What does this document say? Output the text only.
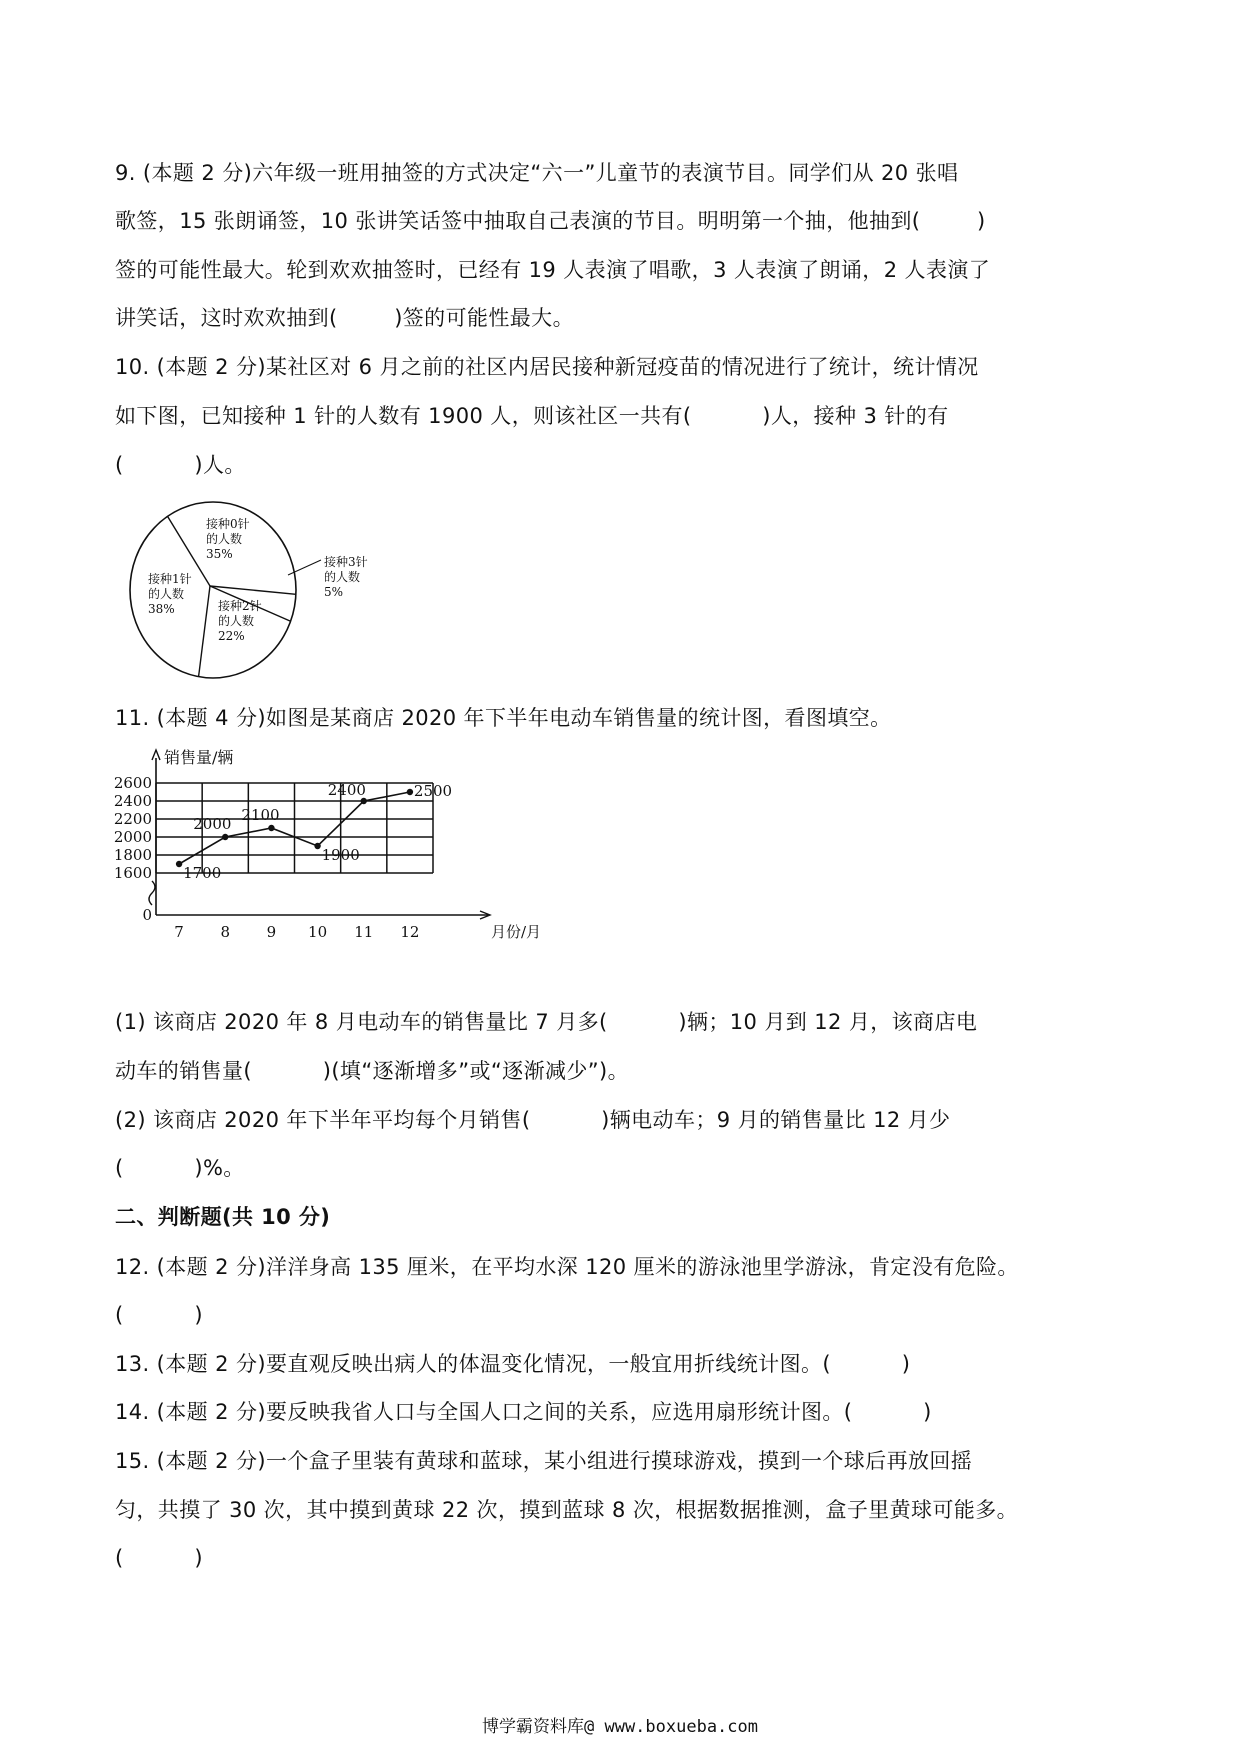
9. (本题 2 分)六年级一班用抽签的方式决定“六一”儿童节的表演节目。同学们从 20 张唱
歌签，15 张朗诵签，10 张讲笑话签中抽取自己表演的节目。明明第一个抽，他抽到(        )
签的可能性最大。轮到欢欢抽签时，已经有 19 人表演了唱歌，3 人表演了朗诵，2 人表演了
讲笑话，这时欢欢抽到(        )签的可能性最大。
10. (本题 2 分)某社区对 6 月之前的社区内居民接种新冠疫苗的情况进行了统计，统计情况
如下图，已知接种 1 针的人数有 1900 人，则该社区一共有(          )人，接种 3 针的有
(          )人。
接种0针
的人数
35%
接种1针
的人数
38%	接种2针
的人数
22%
接种3针
的人数
5%
11. (本题 4 分)如图是某商店 2020 年下半年电动车销售量的统计图，看图填空。
销售量/辆
月份/月
0
1600
1800
2000
2200
2400
2600
7 8 9 10 11 12
1700
2000 2100
1900
2400	2500
(1) 该商店 2020 年 8 月电动车的销售量比 7 月多(          )辆；10 月到 12 月，该商店电
动车的销售量(          )(填“逐渐增多”或“逐渐减少”)。
(2) 该商店 2020 年下半年平均每个月销售(          )辆电动车；9 月的销售量比 12 月少
(          )%。
二、判断题(共 10 分)
12. (本题 2 分)洋洋身高 135 厘米，在平均水深 120 厘米的游泳池里学游泳，肯定没有危险。
(          )
13. (本题 2 分)要直观反映出病人的体温变化情况，一般宜用折线统计图。(          )
14. (本题 2 分)要反映我省人口与全国人口之间的关系，应选用扇形统计图。(          )
15. (本题 2 分)一个盒子里装有黄球和蓝球，某小组进行摸球游戏，摸到一个球后再放回摇
匀，共摸了 30 次，其中摸到黄球 22 次，摸到蓝球 8 次，根据数据推测，盒子里黄球可能多。
(          )
博学霸资料库@ www.boxueba.com
